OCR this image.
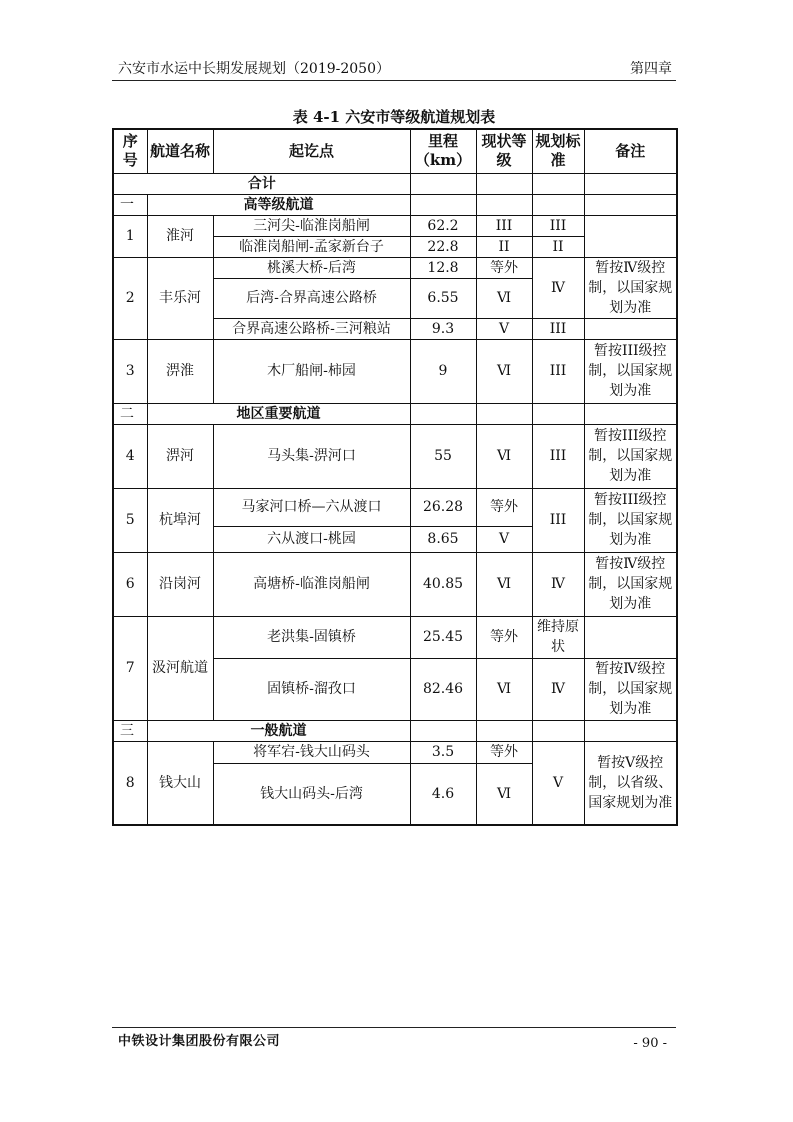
六安市水运中长期发展规划（2019-2050）	第四章
表 4-1 六安市等级航道规划表
序号	航道名称	起讫点	里程（km）	现状等级	规划标准	备注
合计						
一	高等级航道					
1	淮河	三河尖-临淮岗船闸	62.2	III	III	
		临淮岗船闸-孟家新台子	22.8	II	II	
2	丰乐河	桃溪大桥-后湾	12.8	等外	Ⅳ	暂按Ⅳ级控制，以国家规划为准
		后湾-合界高速公路桥	6.55	Ⅵ		
		合界高速公路桥-三河粮站	9.3	Ⅴ	III	
3	淠淮	木厂船闸-柿园	9	Ⅵ	III	暂按III级控制，以国家规划为准
二	地区重要航道					
4	淠河	马头集-淠河口	55	Ⅵ	III	暂按III级控制，以国家规划为准
5	杭埠河	马家河口桥—六从渡口	26.28	等外	III	暂按III级控制，以国家规划为准
		六从渡口-桃园	8.65	Ⅴ		
6	沿岗河	高塘桥-临淮岗船闸	40.85	Ⅵ	Ⅳ	暂按Ⅳ级控制，以国家规划为准
7	汲河航道	老洪集-固镇桥	25.45	等外	维持原状	
		固镇桥-溜孜口	82.46	Ⅵ	Ⅳ	暂按Ⅳ级控制，以国家规划为准
三	一般航道					
8	钱大山	将军宕-钱大山码头	3.5	等外	Ⅴ	暂按Ⅴ级控制，以省级、国家规划为准
		钱大山码头-后湾	4.6	Ⅵ		
中铁设计集团股份有限公司	- 90 -
